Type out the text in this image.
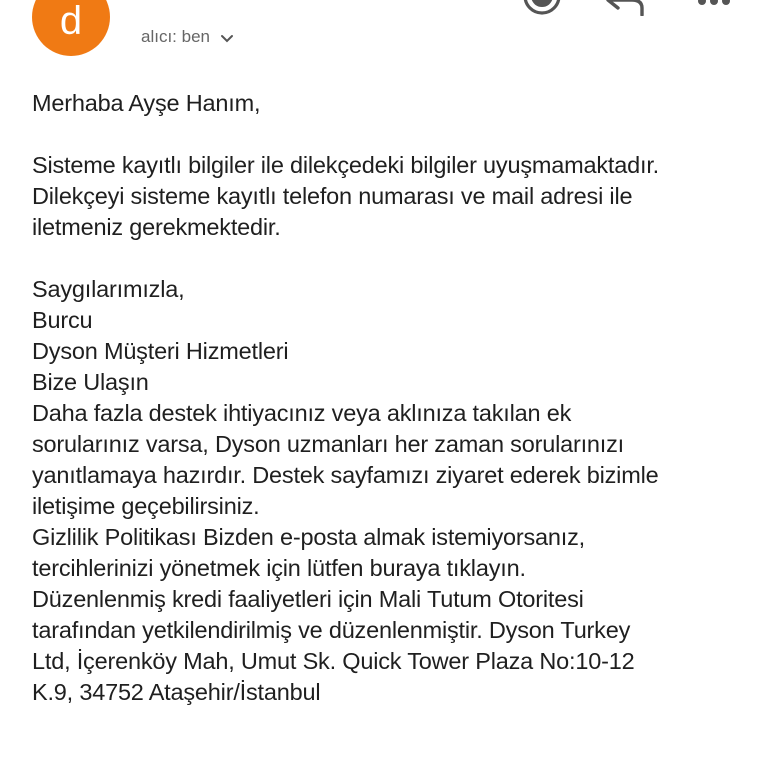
d	alıcı: ben

Merhaba Ayşe Hanım,

Sisteme kayıtlı bilgiler ile dilekçedeki bilgiler uyuşmamaktadır.

Dilekçeyi sisteme kayıtlı telefon numarası ve mail adresi ile

iletmeniz gerekmektedir.

Saygılarımızla,

Burcu

Dyson Müşteri Hizmetleri

Bize Ulaşın

Daha fazla destek ihtiyacınız veya aklınıza takılan ek

sorularınız varsa, Dyson uzmanları her zaman sorularınızı

yanıtlamaya hazırdır. Destek sayfamızı ziyaret ederek bizimle

iletişime geçebilirsiniz.

Gizlilik Politikası Bizden e-posta almak istemiyorsanız,

tercihlerinizi yönetmek için lütfen buraya tıklayın.

Düzenlenmiş kredi faaliyetleri için Mali Tutum Otoritesi

tarafından yetkilendirilmiş ve düzenlenmiştir. Dyson Turkey

Ltd, İçerenköy Mah, Umut Sk. Quick Tower Plaza No:10-12

K.9, 34752 Ataşehir/İstanbul
